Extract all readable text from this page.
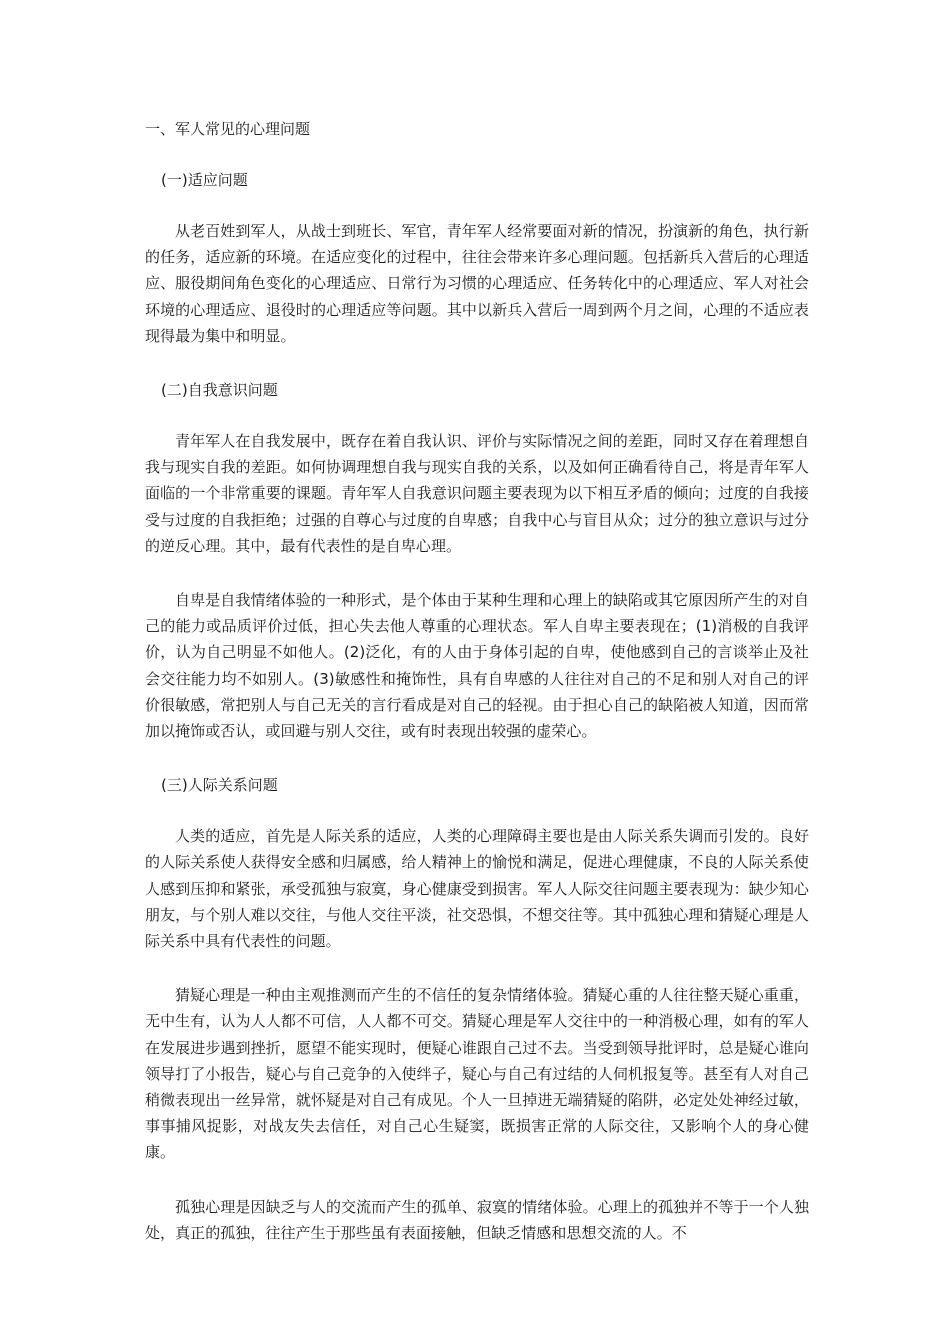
一、军人常见的心理问题

(一)适应问题

从老百姓到军人，从战士到班长、军官，青年军人经常要面对新的情况，扮演新的角色，执行新的任务，适应新的环境。在适应变化的过程中，往往会带来许多心理问题。包括新兵入营后的心理适应、服役期间角色变化的心理适应、日常行为习惯的心理适应、任务转化中的心理适应、军人对社会环境的心理适应、退役时的心理适应等问题。其中以新兵入营后一周到两个月之间，心理的不适应表现得最为集中和明显。

(二)自我意识问题

青年军人在自我发展中，既存在着自我认识、评价与实际情况之间的差距，同时又存在着理想自我与现实自我的差距。如何协调理想自我与现实自我的关系，以及如何正确看待自己，将是青年军人面临的一个非常重要的课题。青年军人自我意识问题主要表现为以下相互矛盾的倾向；过度的自我接受与过度的自我拒绝；过强的自尊心与过度的自卑感；自我中心与盲目从众；过分的独立意识与过分的逆反心理。其中，最有代表性的是自卑心理。

自卑是自我情绪体验的一种形式，是个体由于某种生理和心理上的缺陷或其它原因所产生的对自己的能力或品质评价过低，担心失去他人尊重的心理状态。军人自卑主要表现在；(1)消极的自我评价，认为自己明显不如他人。(2)泛化，有的人由于身体引起的自卑，使他感到自己的言谈举止及社会交往能力均不如别人。(3)敏感性和掩饰性，具有自卑感的人往往对自己的不足和别人对自己的评价很敏感，常把别人与自己无关的言行看成是对自己的轻视。由于担心自己的缺陷被人知道，因而常加以掩饰或否认，或回避与别人交往，或有时表现出较强的虚荣心。

(三)人际关系问题

人类的适应，首先是人际关系的适应，人类的心理障碍主要也是由人际关系失调而引发的。良好的人际关系使人获得安全感和归属感，给人精神上的愉悦和满足，促进心理健康，不良的人际关系使人感到压抑和紧张，承受孤独与寂寞，身心健康受到损害。军人人际交往问题主要表现为：缺少知心朋友，与个别人难以交往，与他人交往平淡，社交恐惧，不想交往等。其中孤独心理和猜疑心理是人际关系中具有代表性的问题。

猜疑心理是一种由主观推测而产生的不信任的复杂情绪体验。猜疑心重的人往往整天疑心重重，无中生有，认为人人都不可信，人人都不可交。猜疑心理是军人交往中的一种消极心理，如有的军人在发展进步遇到挫折，愿望不能实现时，便疑心谁跟自己过不去。当受到领导批评时，总是疑心谁向领导打了小报告，疑心与自己竞争的入使绊子，疑心与自己有过结的人伺机报复等。甚至有人对自己稍微表现出一丝异常，就怀疑是对自己有成见。个人一旦掉进无端猜疑的陷阱，必定处处神经过敏，事事捕风捉影，对战友失去信任，对自己心生疑窦，既损害正常的人际交往，又影响个人的身心健康。

孤独心理是因缺乏与人的交流而产生的孤单、寂寞的情绪体验。心理上的孤独并不等于一个人独处，真正的孤独，往往产生于那些虽有表面接触，但缺乏情感和思想交流的人。不
